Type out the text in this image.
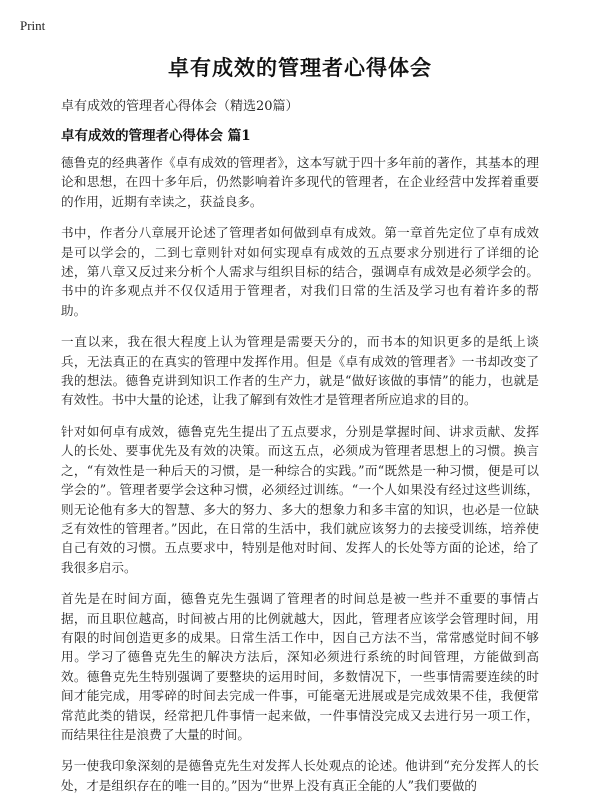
Print
卓有成效的管理者心得体会
卓有成效的管理者心得体会（精选20篇）
卓有成效的管理者心得体会 篇1

德鲁克的经典著作《卓有成效的管理者》，这本写就于四十多年前的著作，其基本的理论和思想，在四十多年后，仍然影响着许多现代的管理者，在企业经营中发挥着重要的作用，近期有幸读之，获益良多。

书中，作者分八章展开论述了管理者如何做到卓有成效。第一章首先定位了卓有成效是可以学会的，二到七章则针对如何实现卓有成效的五点要求分别进行了详细的论述，第八章又反过来分析个人需求与组织目标的结合，强调卓有成效是必须学会的。书中的许多观点并不仅仅适用于管理者，对我们日常的生活及学习也有着许多的帮助。

一直以来，我在很大程度上认为管理是需要天分的，而书本的知识更多的是纸上谈兵，无法真正的在真实的管理中发挥作用。但是《卓有成效的管理者》一书却改变了我的想法。德鲁克讲到知识工作者的生产力，就是“做好该做的事情”的能力，也就是有效性。书中大量的论述，让我了解到有效性才是管理者所应追求的目的。

针对如何卓有成效，德鲁克先生提出了五点要求，分别是掌握时间、讲求贡献、发挥人的长处、要事优先及有效的决策。而这五点，必须成为管理者思想上的习惯。换言之，“有效性是一种后天的习惯，是一种综合的实践。”而“既然是一种习惯，便是可以学会的”。管理者要学会这种习惯，必须经过训练。“一个人如果没有经过这些训练，则无论他有多大的智慧、多大的努力、多大的想象力和多丰富的知识，也必是一位缺乏有效性的管理者。”因此，在日常的生活中，我们就应该努力的去接受训练，培养使自己有效的习惯。五点要求中，特别是他对时间、发挥人的长处等方面的论述，给了我很多启示。

首先是在时间方面，德鲁克先生强调了管理者的时间总是被一些并不重要的事情占据，而且职位越高，时间被占用的比例就越大，因此，管理者应该学会管理时间，用有限的时间创造更多的成果。日常生活工作中，因自己方法不当，常常感觉时间不够用。学习了德鲁克先生的解决方法后，深知必须进行系统的时间管理，方能做到高效。德鲁克先生特别强调了要整块的运用时间，多数情况下，一些事情需要连续的时间才能完成，用零碎的时间去完成一件事，可能毫无进展或是完成效果不佳，我便常常范此类的错误，经常把几件事情一起来做，一件事情没完成又去进行另一项工作，而结果往往是浪费了大量的时间。

另一使我印象深刻的是德鲁克先生对发挥人长处观点的论述。他讲到“充分发挥人的长处，才是组织存在的唯一目的。”因为“世界上没有真正全能的人”我们要做的
